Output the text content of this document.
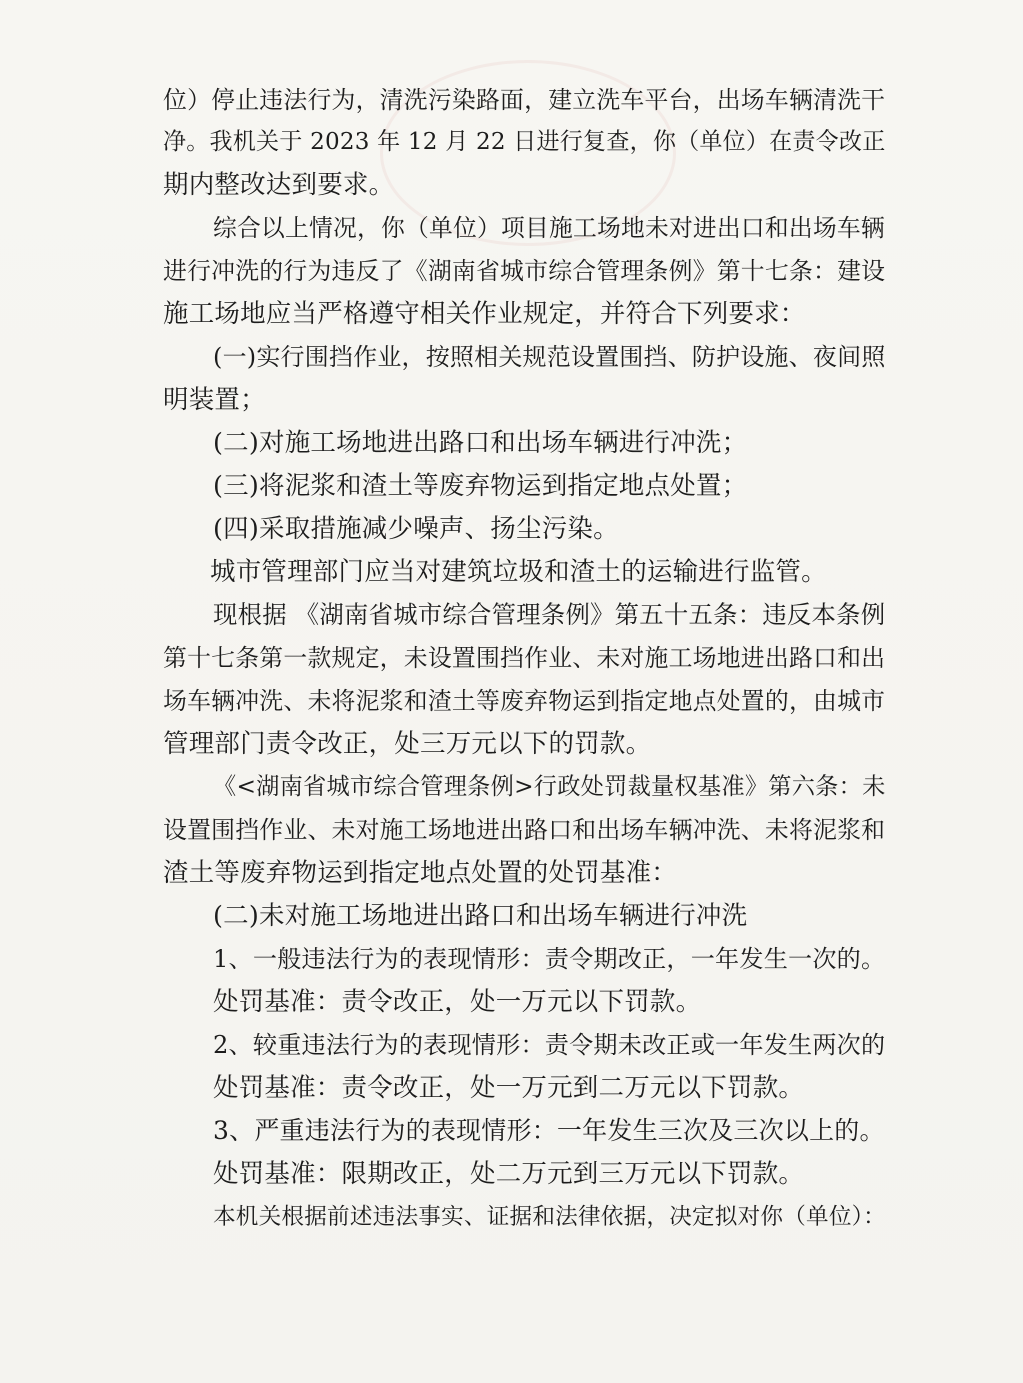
位）停止违法行为，清洗污染路面，建立洗车平台，出场车辆清洗干

净。我机关于 2023 年 12 月 22 日进行复查，你（单位）在责令改正

期内整改达到要求。

综合以上情况，你（单位）项目施工场地未对进出口和出场车辆

进行冲洗的行为违反了《湖南省城市综合管理条例》第十七条：建设

施工场地应当严格遵守相关作业规定，并符合下列要求：

(一)实行围挡作业，按照相关规范设置围挡、防护设施、夜间照

明装置；

(二)对施工场地进出路口和出场车辆进行冲洗；

(三)将泥浆和渣土等废弃物运到指定地点处置；

(四)采取措施减少噪声、扬尘污染。

城市管理部门应当对建筑垃圾和渣土的运输进行监管。

现根据 《湖南省城市综合管理条例》第五十五条：违反本条例

第十七条第一款规定，未设置围挡作业、未对施工场地进出路口和出

场车辆冲洗、未将泥浆和渣土等废弃物运到指定地点处置的，由城市

管理部门责令改正，处三万元以下的罚款。

《<湖南省城市综合管理条例>行政处罚裁量权基准》第六条：未

设置围挡作业、未对施工场地进出路口和出场车辆冲洗、未将泥浆和

渣土等废弃物运到指定地点处置的处罚基准：

(二)未对施工场地进出路口和出场车辆进行冲洗

1、一般违法行为的表现情形：责令期改正，一年发生一次的。

处罚基准：责令改正，处一万元以下罚款。

2、较重违法行为的表现情形：责令期未改正或一年发生两次的

处罚基准：责令改正，处一万元到二万元以下罚款。

3、严重违法行为的表现情形：一年发生三次及三次以上的。

处罚基准：限期改正，处二万元到三万元以下罚款。

本机关根据前述违法事实、证据和法律依据，决定拟对你（单位）：
